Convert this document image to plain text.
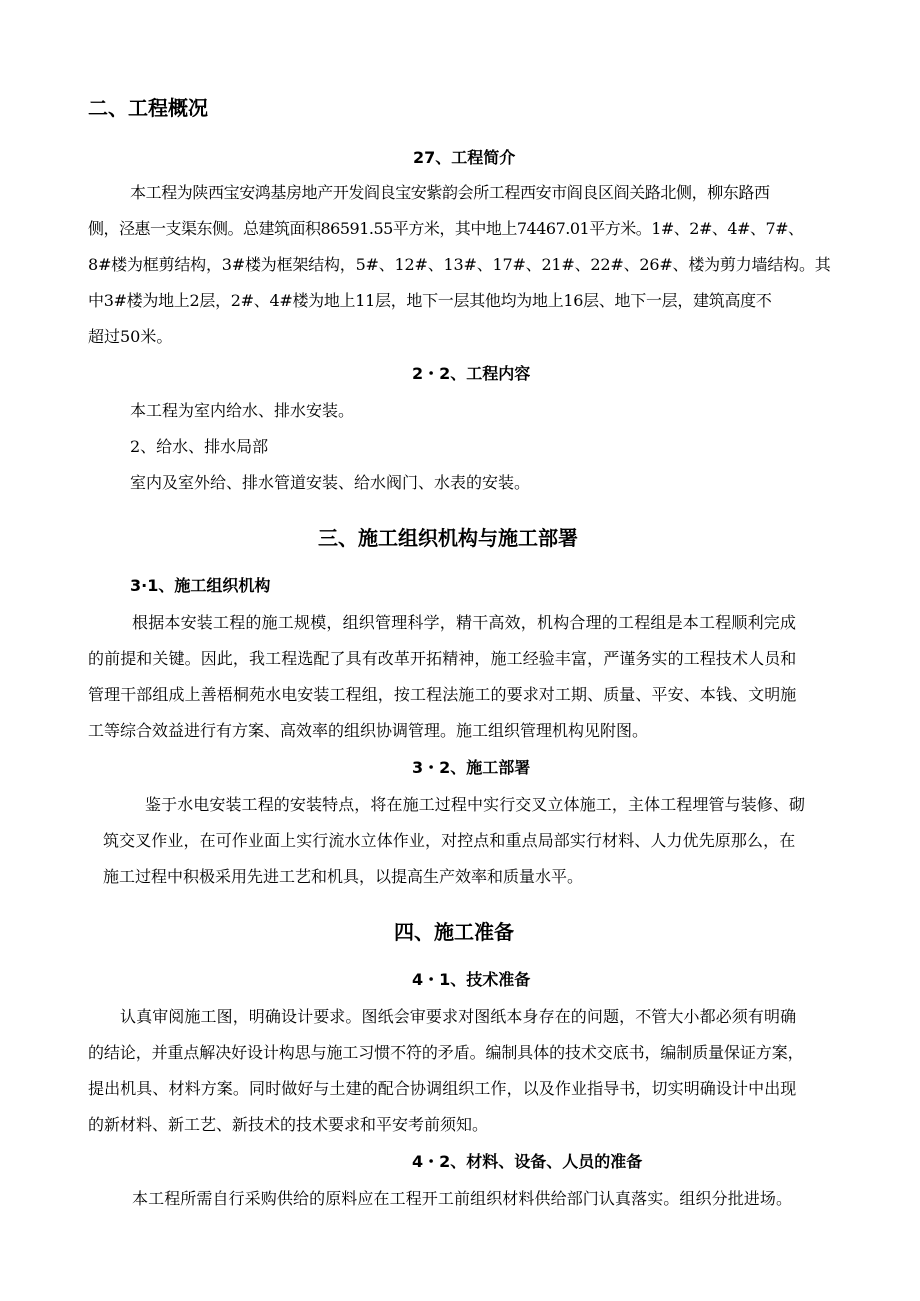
二、工程概况
27、工程简介
本工程为陕西宝安鸿基房地产开发阎良宝安紫韵会所工程西安市阎良区阎关路北侧，柳东路西
侧，泾惠一支渠东侧。总建筑面积86591.55平方米，其中地上74467.01平方米。1#、2#、4#、7#、
8#楼为框剪结构，3#楼为框架结构，5#、12#、13#、17#、21#、22#、26#、楼为剪力墙结构。其
中3#楼为地上2层，2#、4#楼为地上11层，地下一层其他均为地上16层、地下一层，建筑高度不
超过50米。
2・2、工程内容
本工程为室内给水、排水安装。
2、给水、排水局部
室内及室外给、排水管道安装、给水阀门、水表的安装。
三、施工组织机构与施工部署
3·1、施工组织机构
根据本安装工程的施工规模，组织管理科学，精干高效，机构合理的工程组是本工程顺利完成
的前提和关键。因此，我工程选配了具有改革开拓精神，施工经验丰富，严谨务实的工程技术人员和
管理干部组成上善梧桐苑水电安装工程组，按工程法施工的要求对工期、质量、平安、本钱、文明施
工等综合效益进行有方案、高效率的组织协调管理。施工组织管理机构见附图。
3・2、施工部署
鉴于水电安装工程的安装特点，将在施工过程中实行交叉立体施工，主体工程埋管与装修、砌
筑交叉作业，在可作业面上实行流水立体作业，对控点和重点局部实行材料、人力优先原那么，在
施工过程中积极采用先进工艺和机具，以提高生产效率和质量水平。
四、施工准备
4・1、技术准备
认真审阅施工图，明确设计要求。图纸会审要求对图纸本身存在的问题，不管大小都必须有明确
的结论，并重点解决好设计构思与施工习惯不符的矛盾。编制具体的技术交底书，编制质量保证方案，
提出机具、材料方案。同时做好与土建的配合协调组织工作，以及作业指导书，切实明确设计中出现
的新材料、新工艺、新技术的技术要求和平安考前须知。
4・2、材料、设备、人员的准备
本工程所需自行采购供给的原料应在工程开工前组织材料供给部门认真落实。组织分批进场。
